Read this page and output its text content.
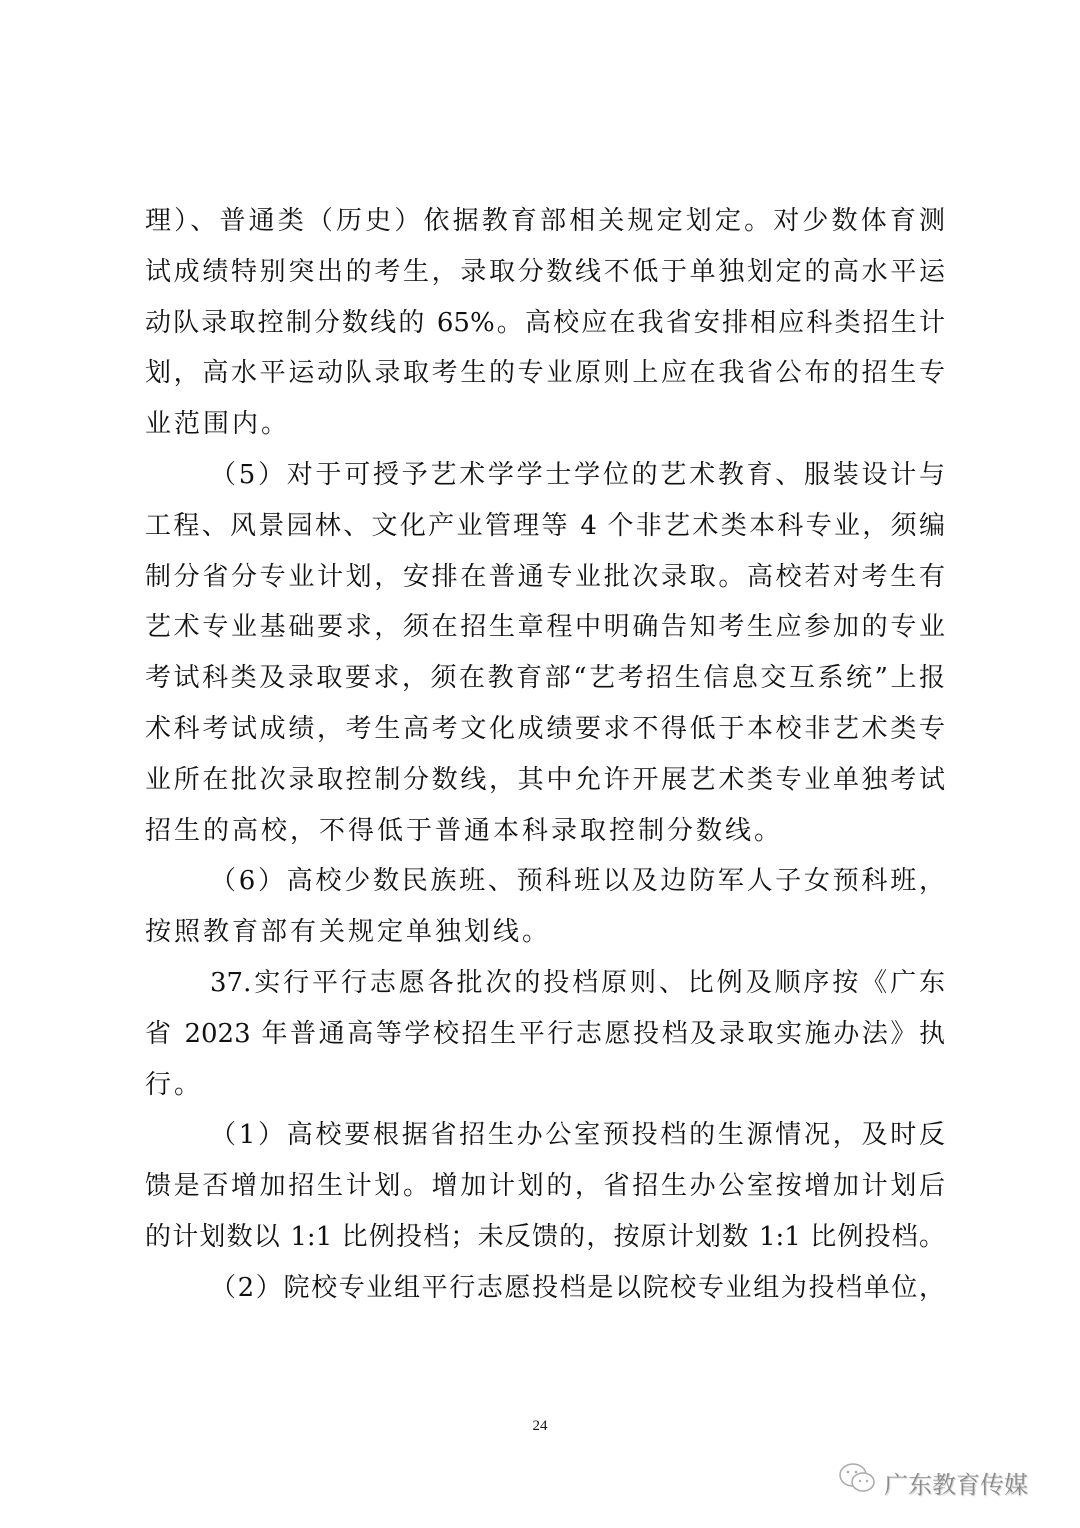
理）、普通类（历史）依据教育部相关规定划定。对少数体育测
试成绩特别突出的考生，录取分数线不低于单独划定的高水平运
动队录取控制分数线的 65%。高校应在我省安排相应科类招生计
划，高水平运动队录取考生的专业原则上应在我省公布的招生专
业范围内。
（5）对于可授予艺术学学士学位的艺术教育、服装设计与
工程、风景园林、文化产业管理等 4 个非艺术类本科专业，须编
制分省分专业计划，安排在普通专业批次录取。高校若对考生有
艺术专业基础要求，须在招生章程中明确告知考生应参加的专业
考试科类及录取要求，须在教育部“艺考招生信息交互系统”上报
术科考试成绩，考生高考文化成绩要求不得低于本校非艺术类专
业所在批次录取控制分数线，其中允许开展艺术类专业单独考试
招生的高校，不得低于普通本科录取控制分数线。
（6）高校少数民族班、预科班以及边防军人子女预科班，
按照教育部有关规定单独划线。
37.实行平行志愿各批次的投档原则、比例及顺序按《广东
省 2023 年普通高等学校招生平行志愿投档及录取实施办法》执
行。
（1）高校要根据省招生办公室预投档的生源情况，及时反
馈是否增加招生计划。增加计划的，省招生办公室按增加计划后
的计划数以 1:1 比例投档；未反馈的，按原计划数 1:1 比例投档。
（2）院校专业组平行志愿投档是以院校专业组为投档单位，
24
广东教育传媒
